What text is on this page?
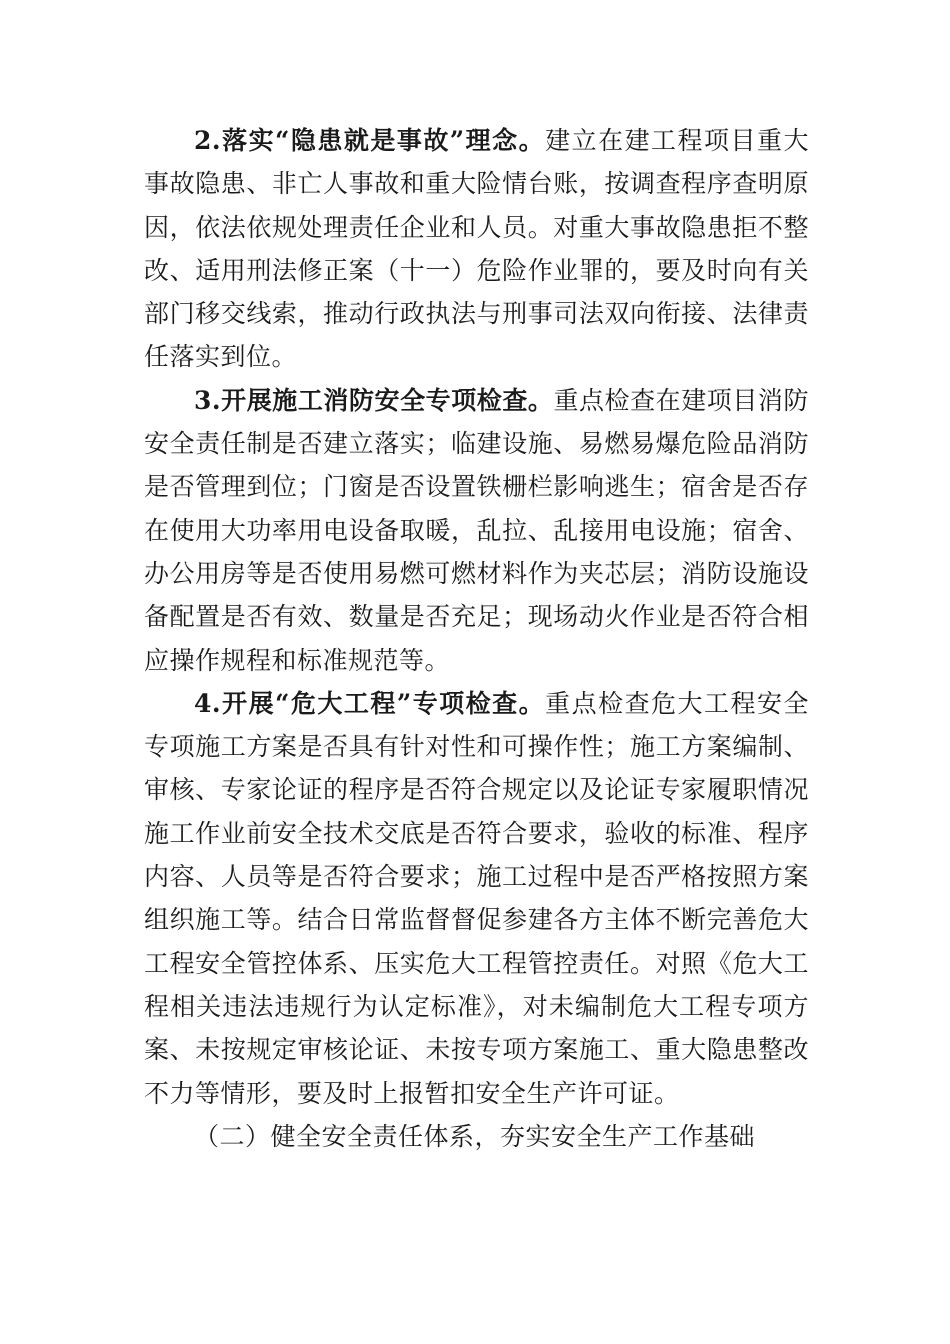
2.落实“隐患就是事故”理念。建立在建工程项目重大事故隐患、非亡人事故和重大险情台账，按调查程序查明原因，依法依规处理责任企业和人员。对重大事故隐患拒不整改、适用刑法修正案（十一）危险作业罪的，要及时向有关部门移交线索，推动行政执法与刑事司法双向衔接、法律责任落实到位。

3.开展施工消防安全专项检查。重点检查在建项目消防安全责任制是否建立落实；临建设施、易燃易爆危险品消防是否管理到位；门窗是否设置铁栅栏影响逃生；宿舍是否存在使用大功率用电设备取暖，乱拉、乱接用电设施；宿舍、办公用房等是否使用易燃可燃材料作为夹芯层；消防设施设备配置是否有效、数量是否充足；现场动火作业是否符合相应操作规程和标准规范等。

4.开展“危大工程”专项检查。重点检查危大工程安全专项施工方案是否具有针对性和可操作性；施工方案编制、审核、专家论证的程序是否符合规定以及论证专家履职情况施工作业前安全技术交底是否符合要求，验收的标准、程序内容、人员等是否符合要求；施工过程中是否严格按照方案组织施工等。结合日常监督督促参建各方主体不断完善危大工程安全管控体系、压实危大工程管控责任。对照《危大工程相关违法违规行为认定标准》，对未编制危大工程专项方案、未按规定审核论证、未按专项方案施工、重大隐患整改不力等情形，要及时上报暂扣安全生产许可证。

（二）健全安全责任体系，夯实安全生产工作基础
